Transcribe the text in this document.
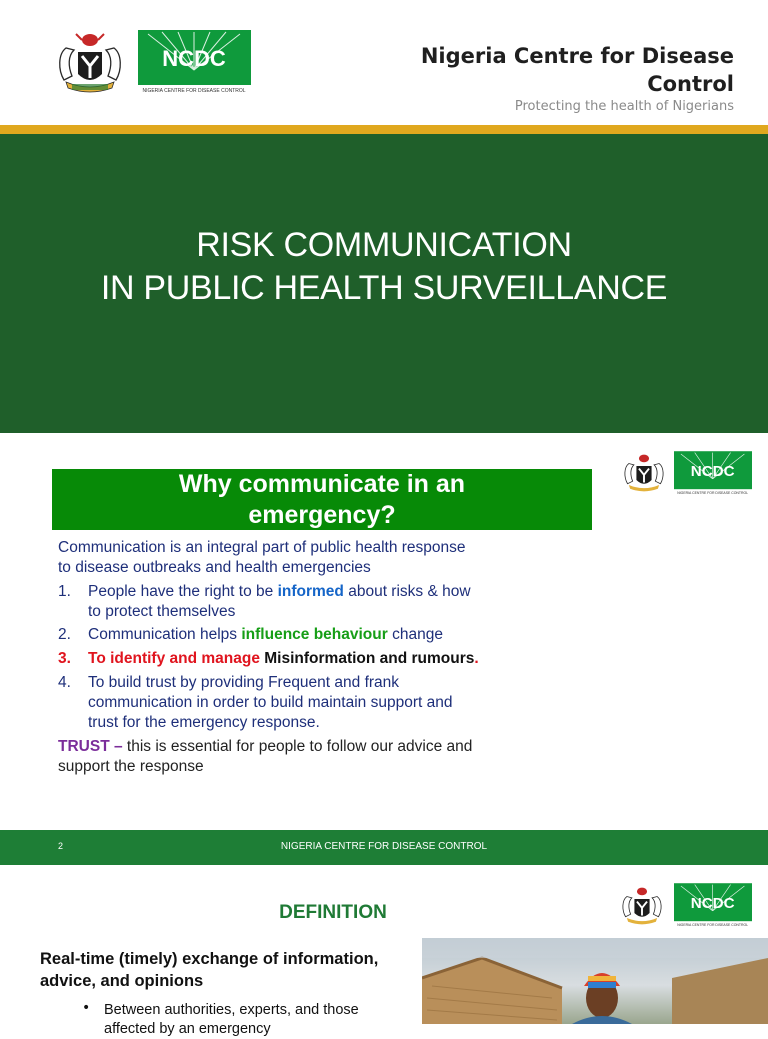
NCDC
NIGERIA CENTRE FOR DISEASE CONTROL
Nigeria Centre for Disease Control
Protecting the health of Nigerians
RISK COMMUNICATION
IN PUBLIC HEALTH SURVEILLANCE
Why communicate in an
emergency?
NCDC
NIGERIA CENTRE FOR DISEASE CONTROL
Communication is an integral part of public health response
to disease outbreaks and health emergencies
1.	People have the right to be informed about risks & how
to protect themselves
2.	Communication helps influence behaviour change
3.	To identify and manage Misinformation and rumours.
4.	To build trust by providing Frequent and frank
communication in order to build maintain support and
trust for the emergency response.
TRUST – this is essential for people to follow our advice and
support the response
2	NIGERIA CENTRE FOR DISEASE CONTROL
DEFINITION	NCDC
NIGERIA CENTRE FOR DISEASE CONTROL
Real-time (timely) exchange of information, advice, and opinions
• Between authorities, experts, and those affected by an emergency
